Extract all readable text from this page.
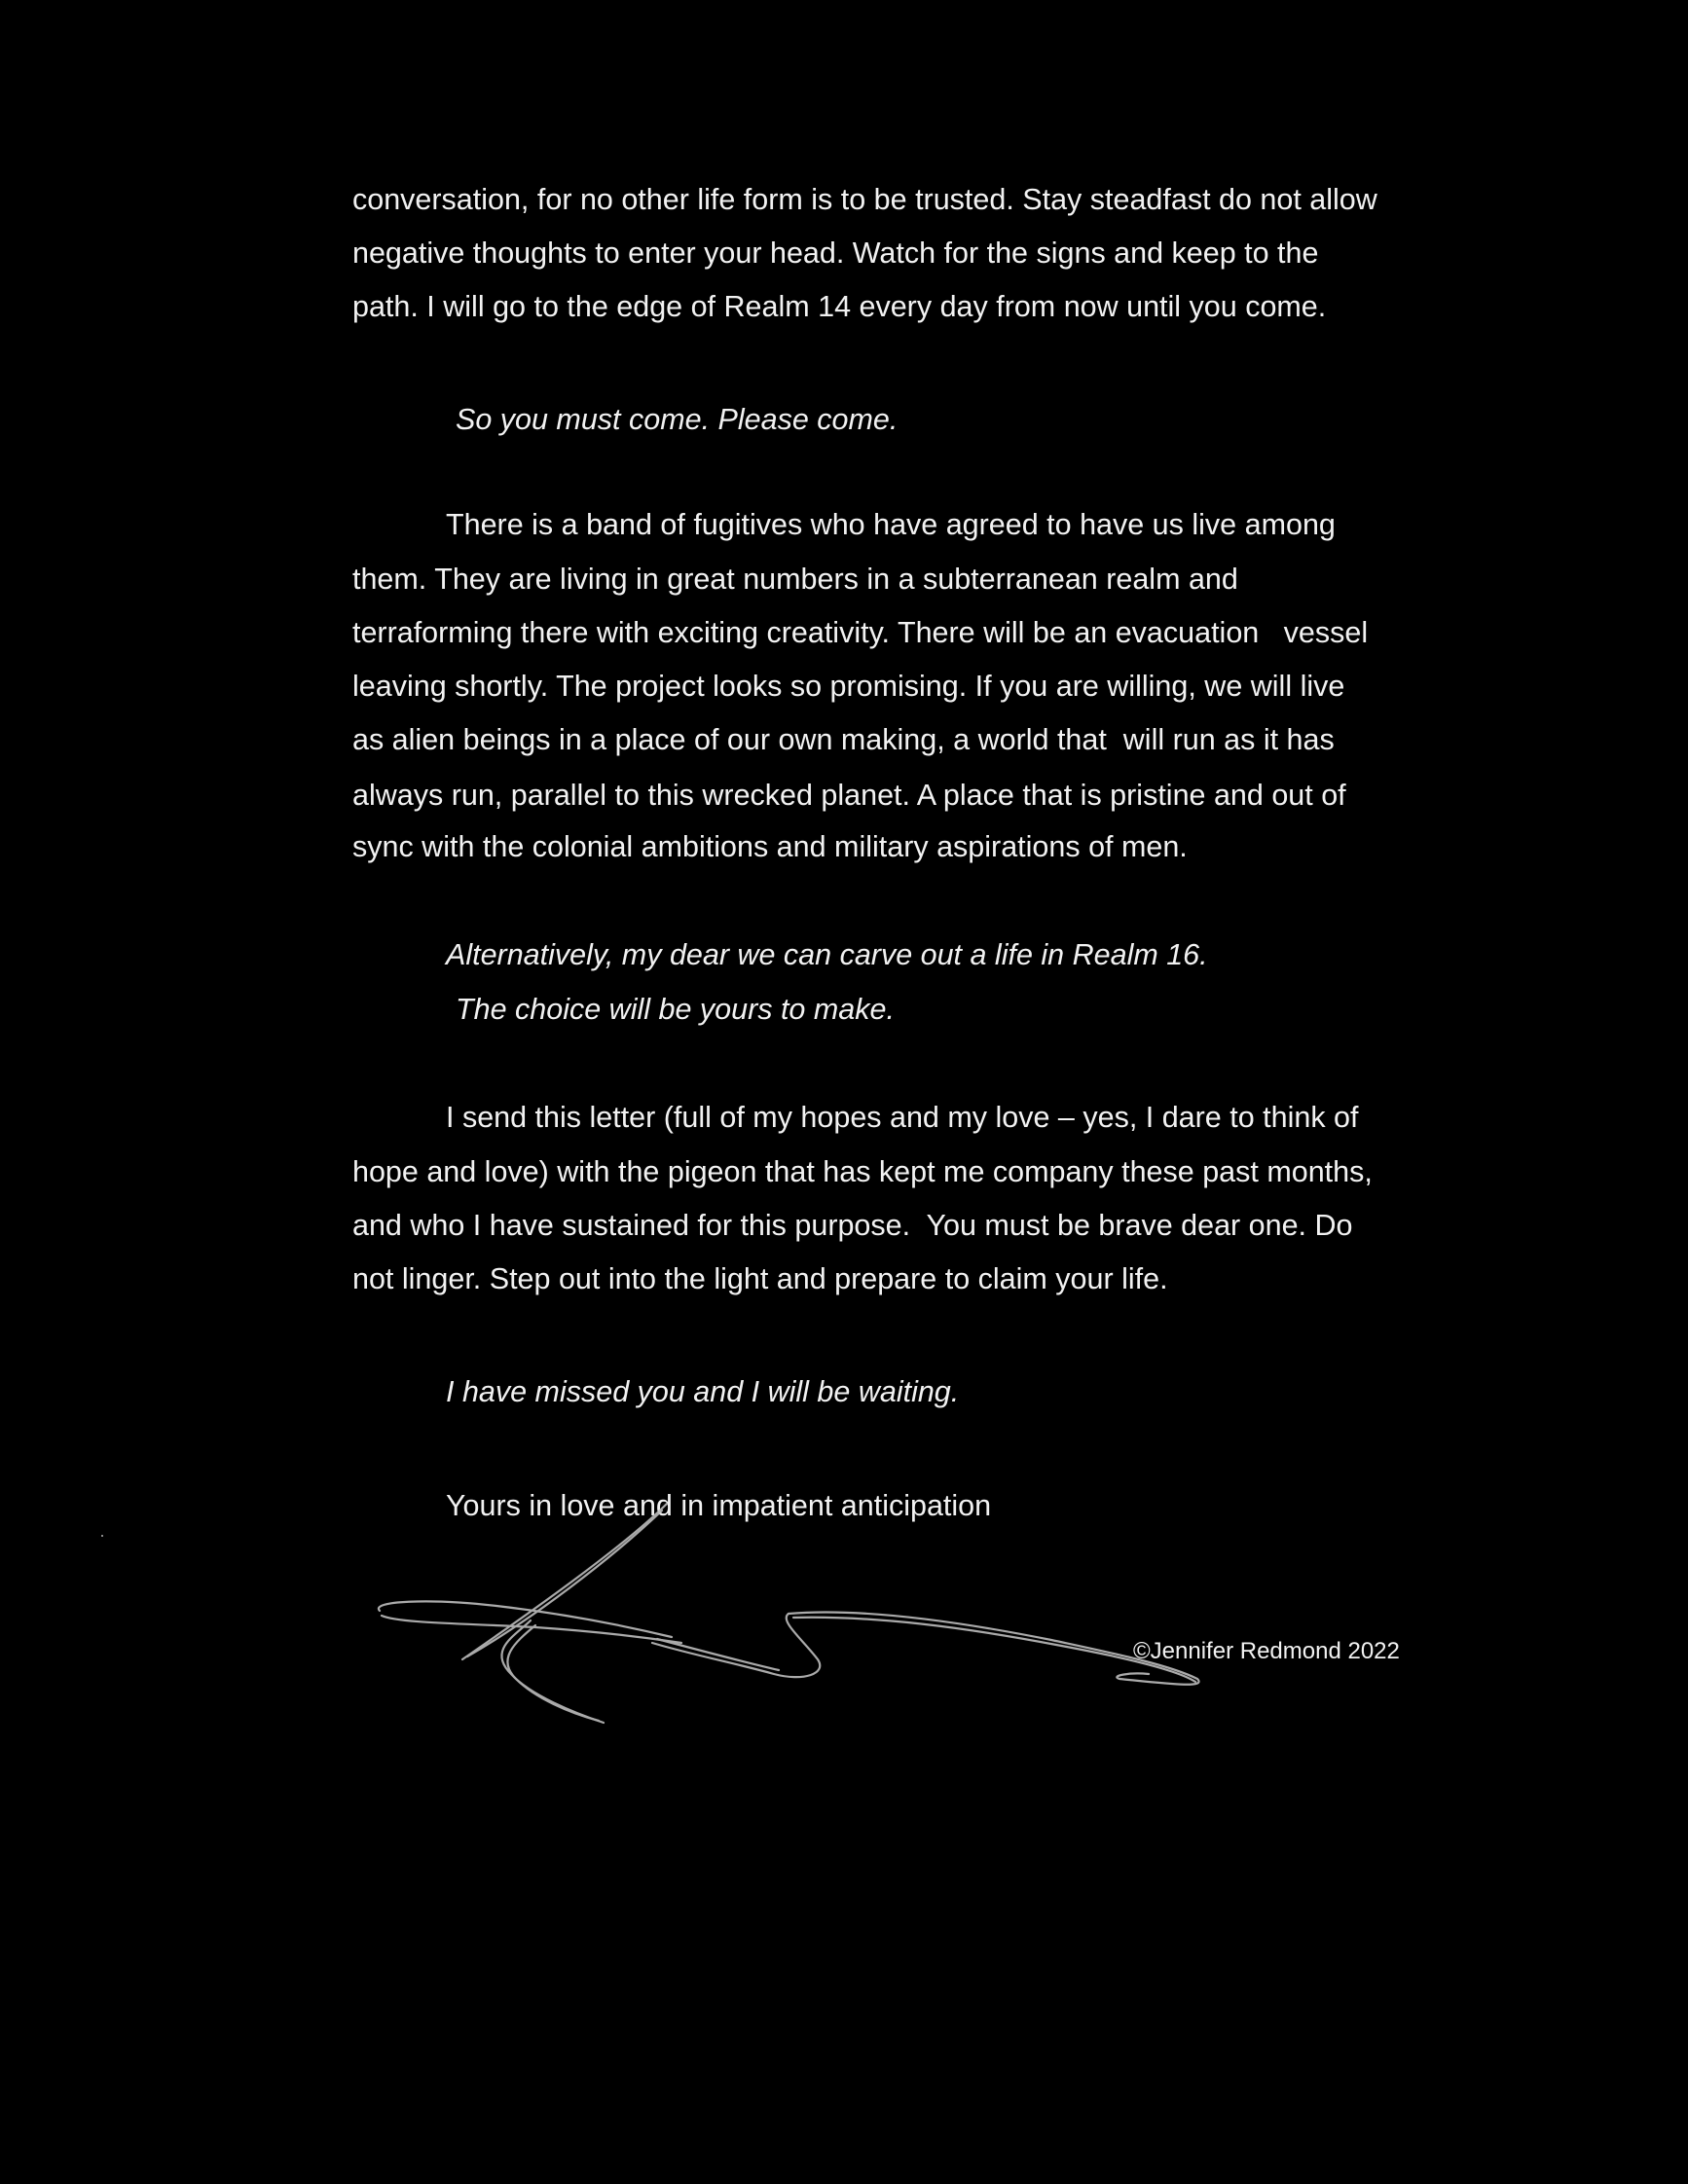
conversation, for no other life form is to be trusted. Stay steadfast do not allow

negative thoughts to enter your head. Watch for the signs and keep to the

path. I will go to the edge of Realm 14 every day from now until you come.

So you must come. Please come.

There is a band of fugitives who have agreed to have us live among

them. They are living in great numbers in a subterranean realm and

terraforming there with exciting creativity. There will be an evacuation   vessel

leaving shortly. The project looks so promising. If you are willing, we will live

as alien beings in a place of our own making, a world that  will run as it has

always run, parallel to this wrecked planet. A place that is pristine and out of

sync with the colonial ambitions and military aspirations of men.

Alternatively, my dear we can carve out a life in Realm 16.

The choice will be yours to make.

I send this letter (full of my hopes and my love – yes, I dare to think of

hope and love) with the pigeon that has kept me company these past months,

and who I have sustained for this purpose.  You must be brave dear one. Do

not linger. Step out into the light and prepare to claim your life.

I have missed you and I will be waiting.

Yours in love and in impatient anticipation

©Jennifer Redmond 2022
